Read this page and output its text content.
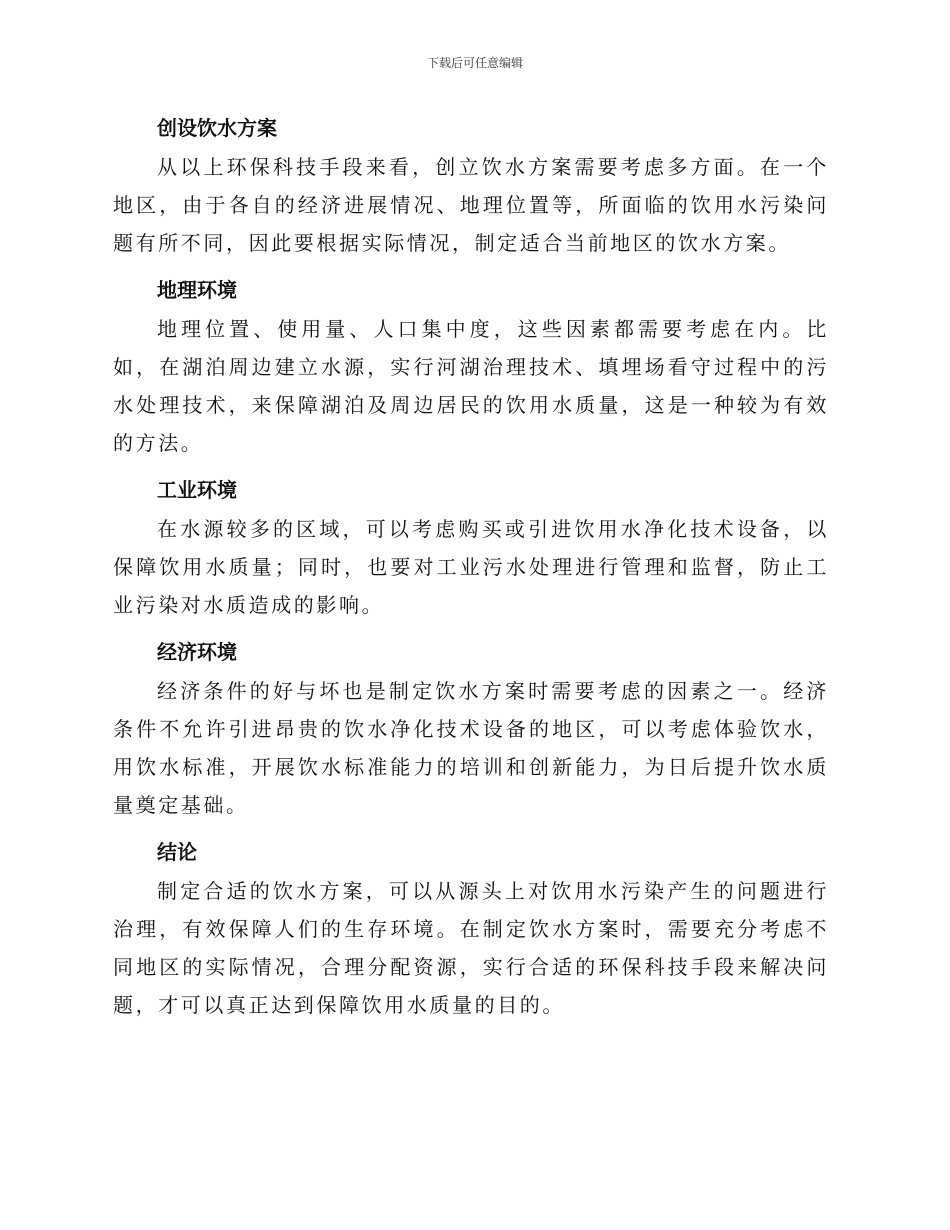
下载后可任意编辑
创设饮水方案

从以上环保科技手段来看，创立饮水方案需要考虑多方面。在一个地区，由于各自的经济进展情况、地理位置等，所面临的饮用水污染问题有所不同，因此要根据实际情况，制定适合当前地区的饮水方案。

地理环境

地理位置、使用量、人口集中度，这些因素都需要考虑在内。比如，在湖泊周边建立水源，实行河湖治理技术、填埋场看守过程中的污水处理技术，来保障湖泊及周边居民的饮用水质量，这是一种较为有效的方法。

工业环境

在水源较多的区域，可以考虑购买或引进饮用水净化技术设备，以保障饮用水质量；同时，也要对工业污水处理进行管理和监督，防止工业污染对水质造成的影响。

经济环境

经济条件的好与坏也是制定饮水方案时需要考虑的因素之一。经济条件不允许引进昂贵的饮水净化技术设备的地区，可以考虑体验饮水，用饮水标准，开展饮水标准能力的培训和创新能力，为日后提升饮水质量奠定基础。

结论

制定合适的饮水方案，可以从源头上对饮用水污染产生的问题进行治理，有效保障人们的生存环境。在制定饮水方案时，需要充分考虑不同地区的实际情况，合理分配资源，实行合适的环保科技手段来解决问题，才可以真正达到保障饮用水质量的目的。
